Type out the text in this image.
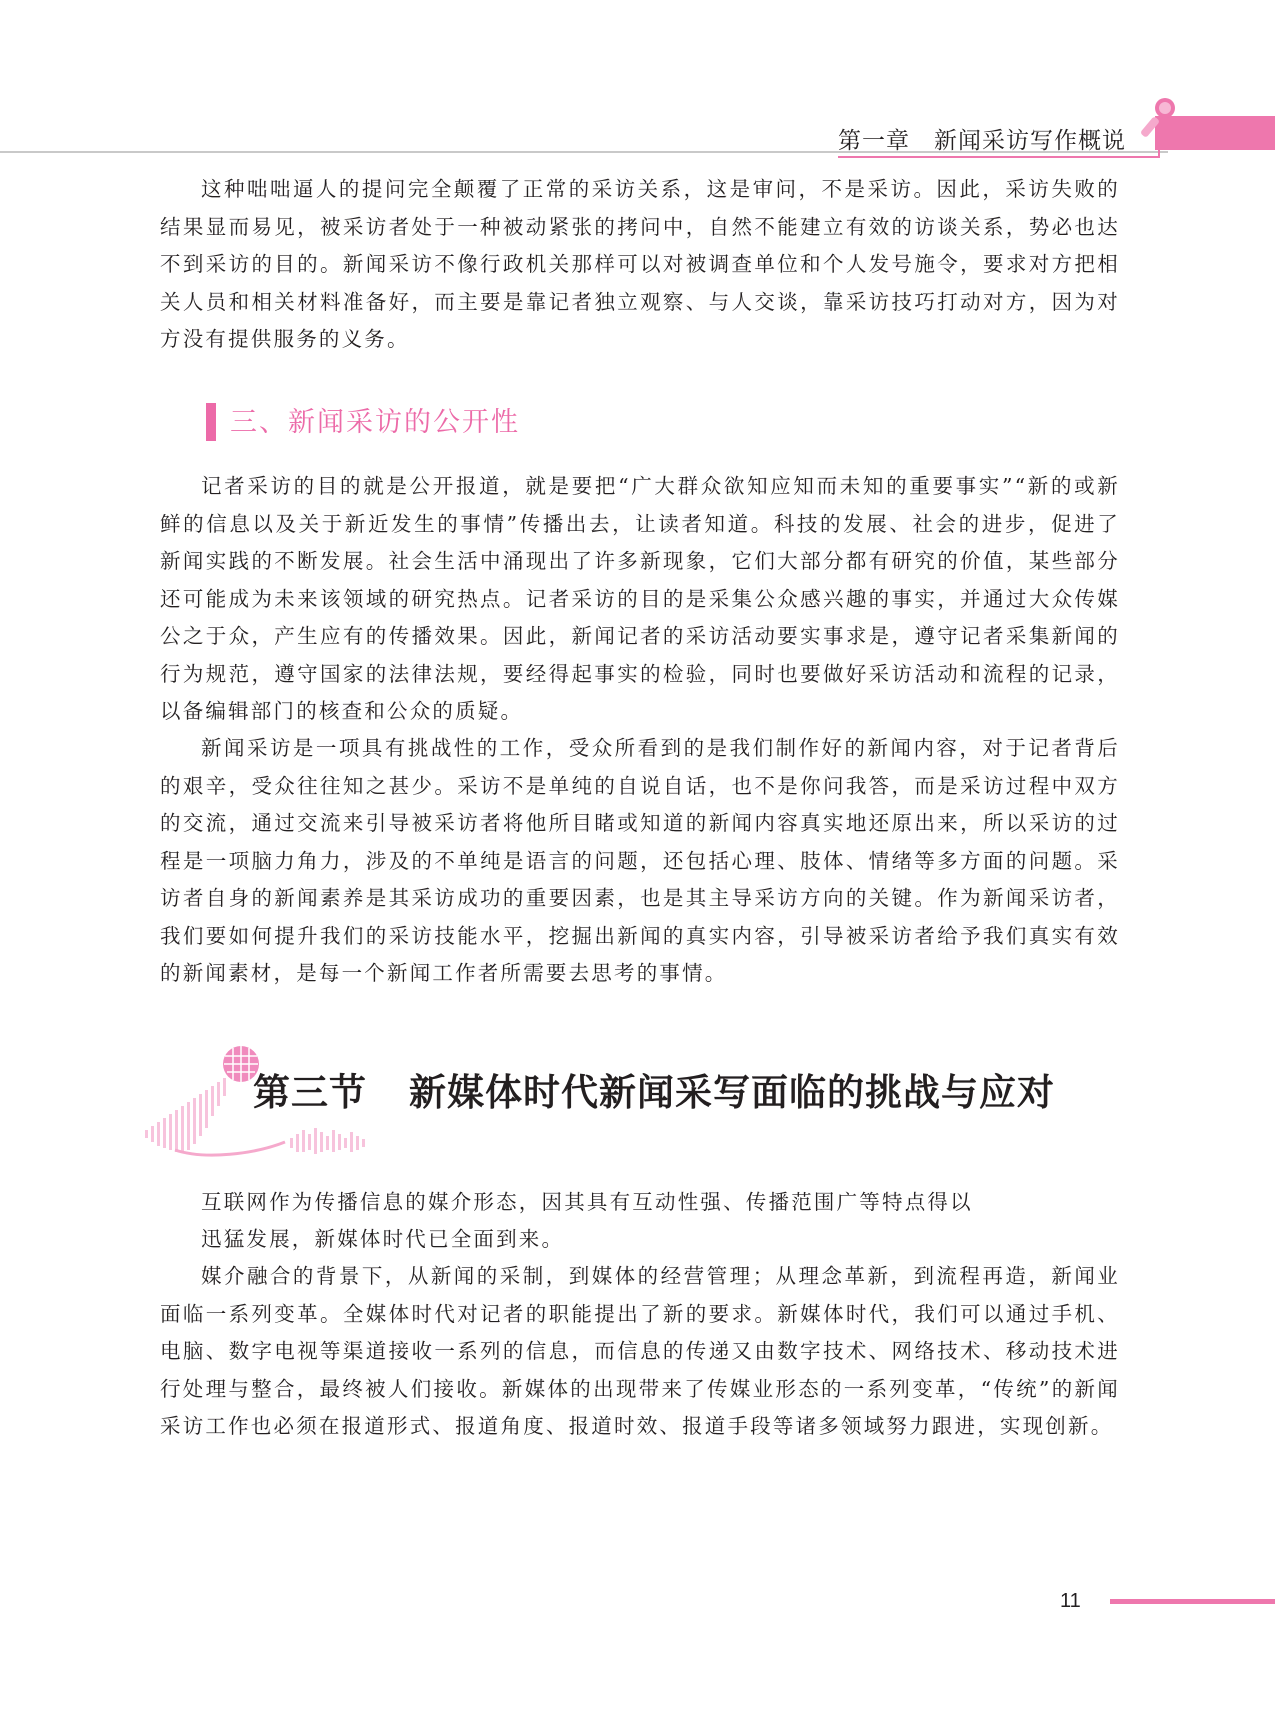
第一章　新闻采访写作概说

这种咄咄逼人的提问完全颠覆了正常的采访关系，这是审问，不是采访。因此，采访失败的结果显而易见，被采访者处于一种被动紧张的拷问中，自然不能建立有效的访谈关系，势必也达不到采访的目的。新闻采访不像行政机关那样可以对被调查单位和个人发号施令，要求对方把相关人员和相关材料准备好，而主要是靠记者独立观察、与人交谈，靠采访技巧打动对方，因为对方没有提供服务的义务。

三、新闻采访的公开性

记者采访的目的就是公开报道，就是要把“广大群众欲知应知而未知的重要事实”“新的或新鲜的信息以及关于新近发生的事情”传播出去，让读者知道。科技的发展、社会的进步，促进了新闻实践的不断发展。社会生活中涌现出了许多新现象，它们大部分都有研究的价值，某些部分还可能成为未来该领域的研究热点。记者采访的目的是采集公众感兴趣的事实，并通过大众传媒公之于众，产生应有的传播效果。因此，新闻记者的采访活动要实事求是，遵守记者采集新闻的行为规范，遵守国家的法律法规，要经得起事实的检验，同时也要做好采访活动和流程的记录，以备编辑部门的核查和公众的质疑。

新闻采访是一项具有挑战性的工作，受众所看到的是我们制作好的新闻内容，对于记者背后的艰辛，受众往往知之甚少。采访不是单纯的自说自话，也不是你问我答，而是采访过程中双方的交流，通过交流来引导被采访者将他所目睹或知道的新闻内容真实地还原出来，所以采访的过程是一项脑力角力，涉及的不单纯是语言的问题，还包括心理、肢体、情绪等多方面的问题。采访者自身的新闻素养是其采访成功的重要因素，也是其主导采访方向的关键。作为新闻采访者，我们要如何提升我们的采访技能水平，挖掘出新闻的真实内容，引导被采访者给予我们真实有效的新闻素材，是每一个新闻工作者所需要去思考的事情。

第三节 新媒体时代新闻采写面临的挑战与应对

互联网作为传播信息的媒介形态，因其具有互动性强、传播范围广等特点得以

迅猛发展，新媒体时代已全面到来。

媒介融合的背景下，从新闻的采制，到媒体的经营管理；从理念革新，到流程再造，新闻业面临一系列变革。全媒体时代对记者的职能提出了新的要求。新媒体时代，我们可以通过手机、电脑、数字电视等渠道接收一系列的信息，而信息的传递又由数字技术、网络技术、移动技术进行处理与整合，最终被人们接收。新媒体的出现带来了传媒业形态的一系列变革，“传统”的新闻采访工作也必须在报道形式、报道角度、报道时效、报道手段等诸多领域努力跟进，实现创新。

11
